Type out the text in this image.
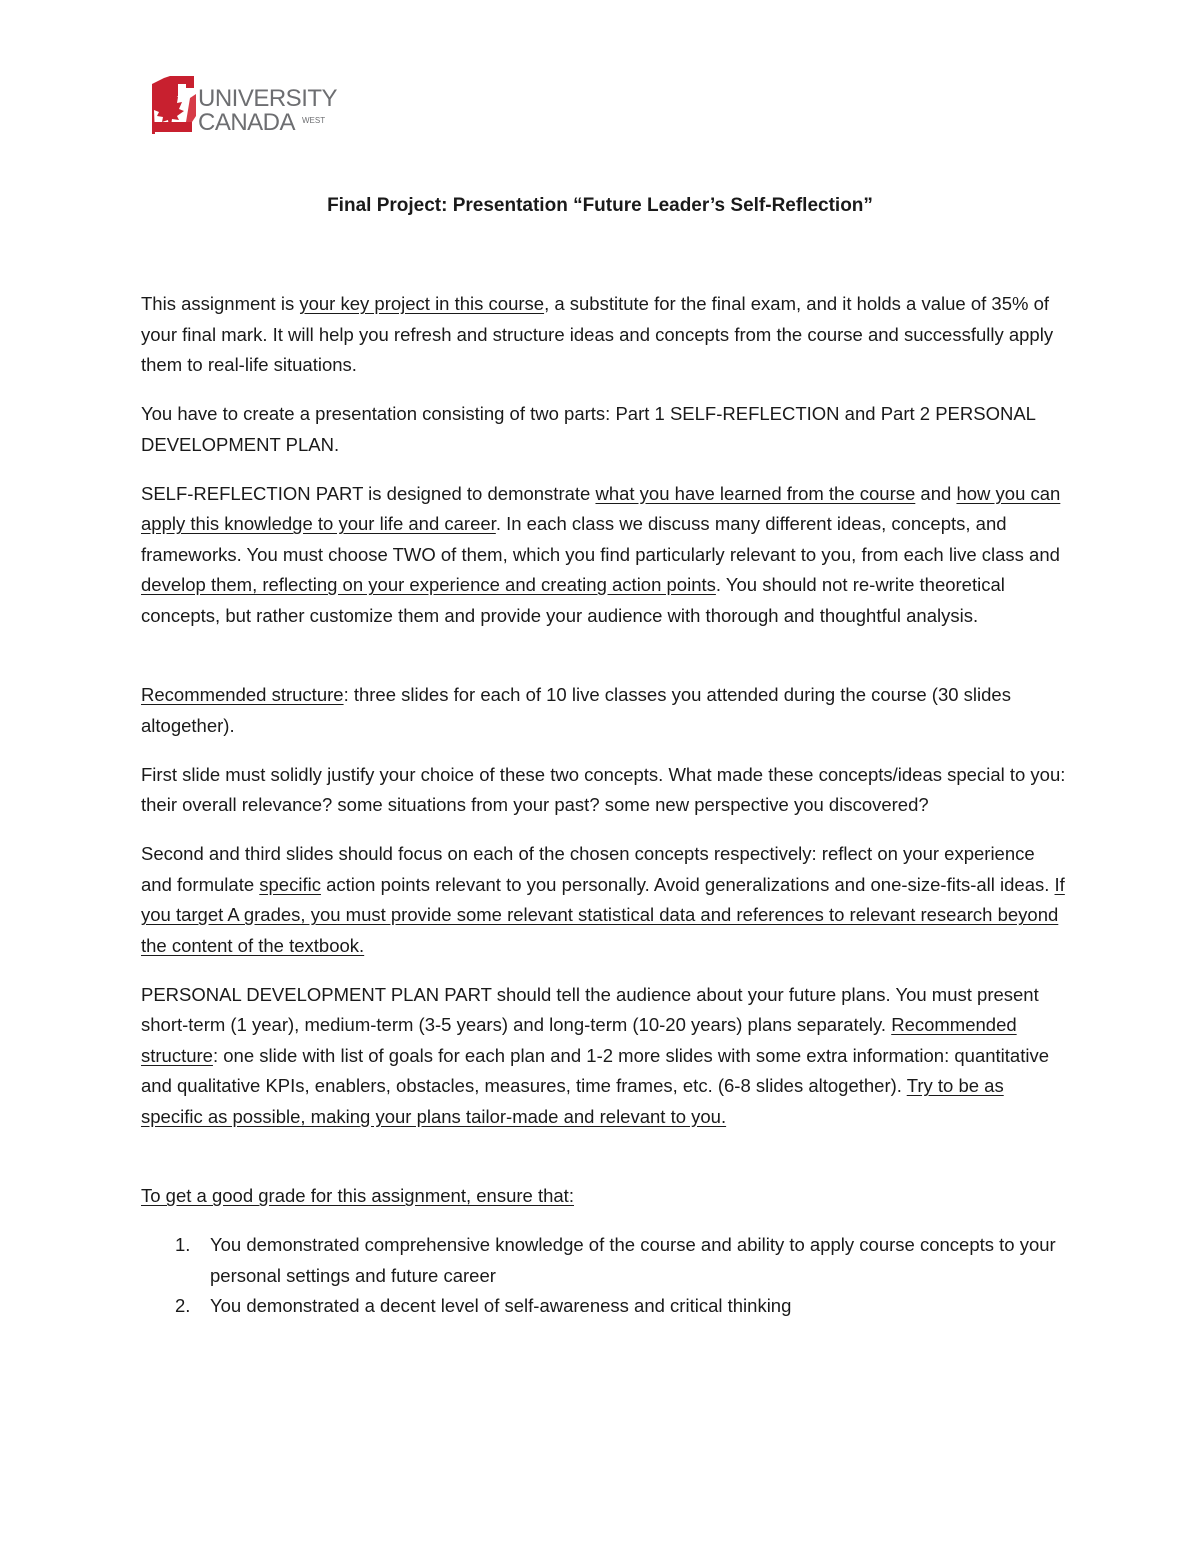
UNIVERSITY
CANADA WEST
Final Project: Presentation “Future Leader’s Self-Reflection”

This assignment is your key project in this course, a substitute for the final exam, and it holds a value of 35% of your final mark. It will help you refresh and structure ideas and concepts from the course and successfully apply them to real-life situations.

You have to create a presentation consisting of two parts: Part 1 SELF-REFLECTION and Part 2 PERSONAL DEVELOPMENT PLAN.

SELF-REFLECTION PART is designed to demonstrate what you have learned from the course and how you can apply this knowledge to your life and career. In each class we discuss many different ideas, concepts, and frameworks. You must choose TWO of them, which you find particularly relevant to you, from each live class and develop them, reflecting on your experience and creating action points. You should not re-write theoretical concepts, but rather customize them and provide your audience with thorough and thoughtful analysis.

Recommended structure: three slides for each of 10 live classes you attended during the course (30 slides altogether).

First slide must solidly justify your choice of these two concepts. What made these concepts/ideas special to you: their overall relevance? some situations from your past? some new perspective you discovered?

Second and third slides should focus on each of the chosen concepts respectively: reflect on your experience and formulate specific action points relevant to you personally. Avoid generalizations and one-size-fits-all ideas. If you target A grades, you must provide some relevant statistical data and references to relevant research beyond the content of the textbook.

PERSONAL DEVELOPMENT PLAN PART should tell the audience about your future plans. You must present short-term (1 year), medium-term (3-5 years) and long-term (10-20 years) plans separately. Recommended structure: one slide with list of goals for each plan and 1-2 more slides with some extra information: quantitative and qualitative KPIs, enablers, obstacles, measures, time frames, etc. (6-8 slides altogether). Try to be as specific as possible, making your plans tailor-made and relevant to you.

To get a good grade for this assignment, ensure that:

1. You demonstrated comprehensive knowledge of the course and ability to apply course concepts to your personal settings and future career
2. You demonstrated a decent level of self-awareness and critical thinking
